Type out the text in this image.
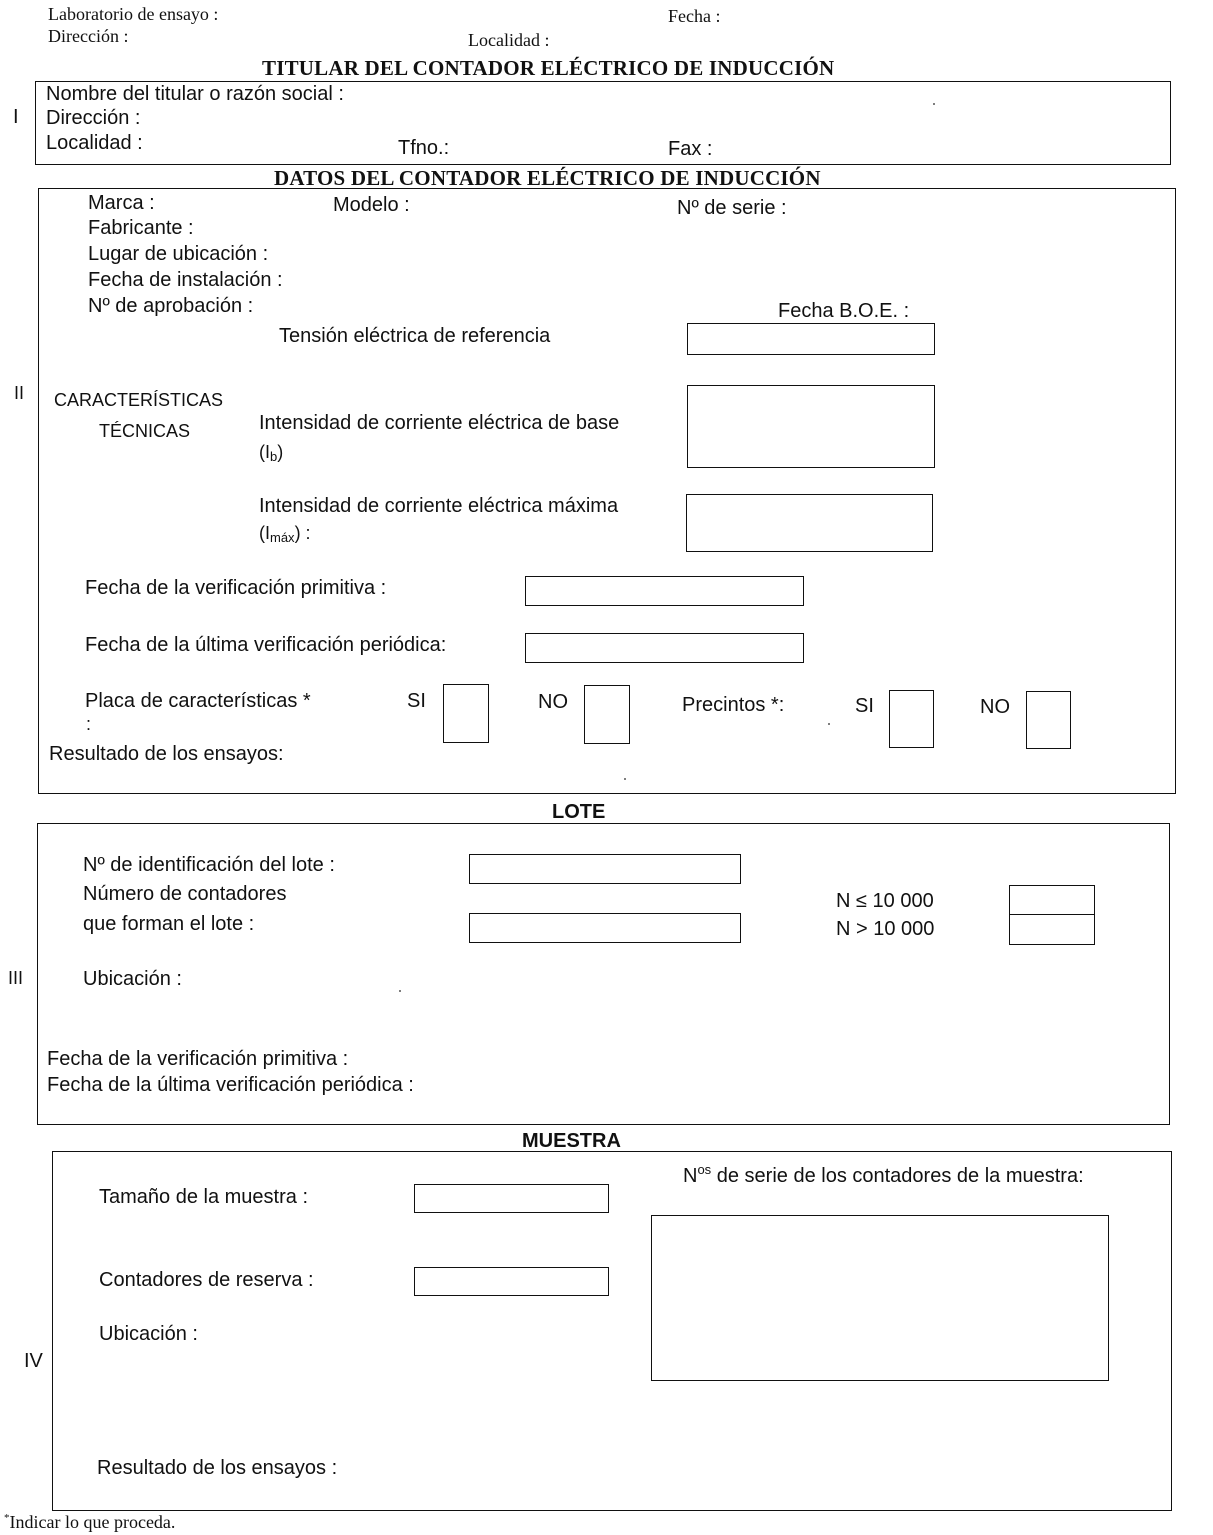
Laboratorio de ensayo :	Fecha :
Dirección :	Localidad :
TITULAR DEL CONTADOR ELÉCTRICO DE INDUCCIÓN
I
Nombre del titular o razón social :
Dirección :
Localidad :	Tfno.:	Fax :
DATOS DEL CONTADOR ELÉCTRICO DE INDUCCIÓN
II
Marca :	Modelo :	Nº de serie :
Fabricante :
Lugar de ubicación :
Fecha de instalación :
Nº de aprobación :	Fecha B.O.E. :
Tensión eléctrica de referencia
CARACTERÍSTICAS
TÉCNICAS	Intensidad de corriente eléctrica de base
$(I_b)$
Intensidad de corriente eléctrica máxima
$(I_{máx})$ :
Fecha de la verificación primitiva :
Fecha de la última verificación periódica:
Placa de características *
:
SI	NO	Precintos *:	SI	NO
Resultado de los ensayos:
LOTE
III
Nº de identificación del lote :
Número de contadores
que forman el lote :
N ≤ 10 000
N > 10 000
Ubicación :
Fecha de la verificación primitiva :
Fecha de la última verificación periódica :
MUESTRA
IV
$N^{os}$ de serie de los contadores de la muestra:
Tamaño de la muestra :
Contadores de reserva :
Ubicación :
Resultado de los ensayos :
*Indicar lo que proceda.
